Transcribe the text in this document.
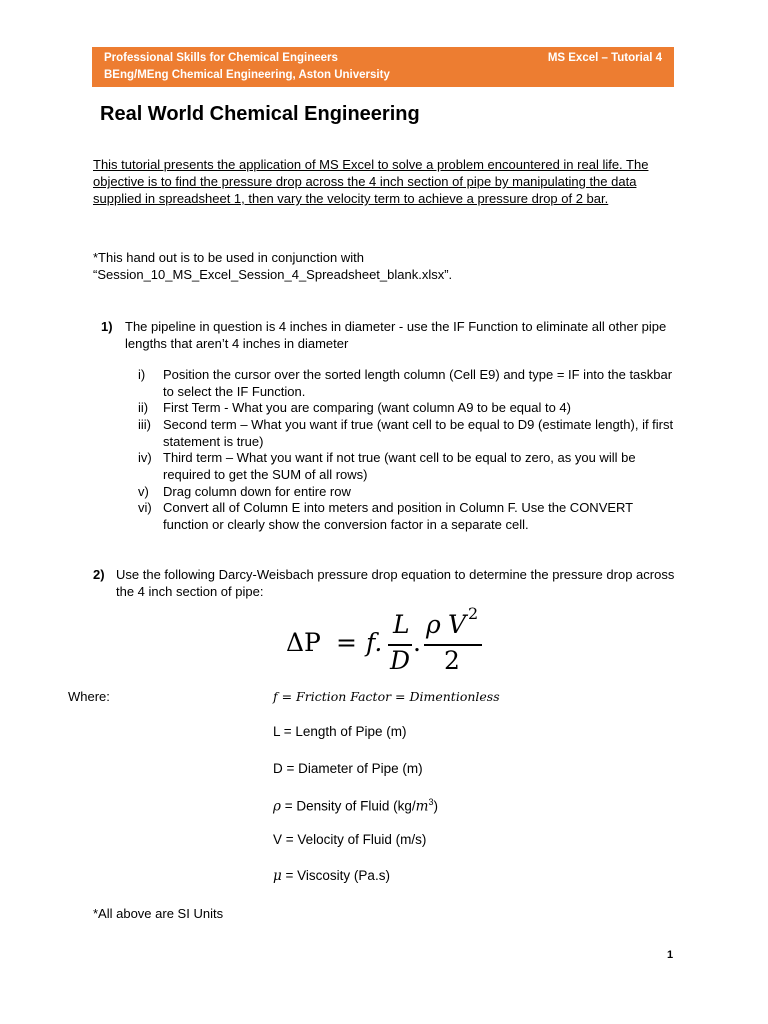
Professional Skills for Chemical Engineers
BEng/MEng Chemical Engineering, Aston University
MS Excel – Tutorial 4
Real World Chemical Engineering
This tutorial presents the application of MS Excel to solve a problem encountered in real life. The objective is to find the pressure drop across the 4 inch section of pipe by manipulating the data supplied in spreadsheet 1, then vary the velocity term to achieve a pressure drop of 2 bar.
*This hand out is to be used in conjunction with “Session_10_MS_Excel_Session_4_Spreadsheet_blank.xlsx”.
1) The pipeline in question is 4 inches in diameter - use the IF Function to eliminate all other pipe lengths that aren’t 4 inches in diameter
i)	Position the cursor over the sorted length column (Cell E9) and type = IF into the taskbar to select the IF Function.
ii)	First Term - What you are comparing (want column A9 to be equal to 4)
iii) Second term – What you want if true (want cell to be equal to D9 (estimate length), if first statement is true)
iv) Third term – What you want if not true (want cell to be equal to zero, as you will be required to get the SUM of all rows)
v)	Drag column down for entire row
vi) Convert all of Column E into meters and position in Column F. Use the CONVERT function or clearly show the conversion factor in a separate cell.
2) Use the following Darcy-Weisbach pressure drop equation to determine the pressure drop across the 4 inch section of pipe:
ΔP = f.
L
D
.
ρ V 2
2
Where:	f = Friction Factor = Dimentionless
L = Length of Pipe (m)
D = Diameter of Pipe (m)
ρ = Density of Fluid $(kg/m^3)$
V = Velocity of Fluid (m/s)
μ = Viscosity (Pa.s)
*All above are SI Units
1
